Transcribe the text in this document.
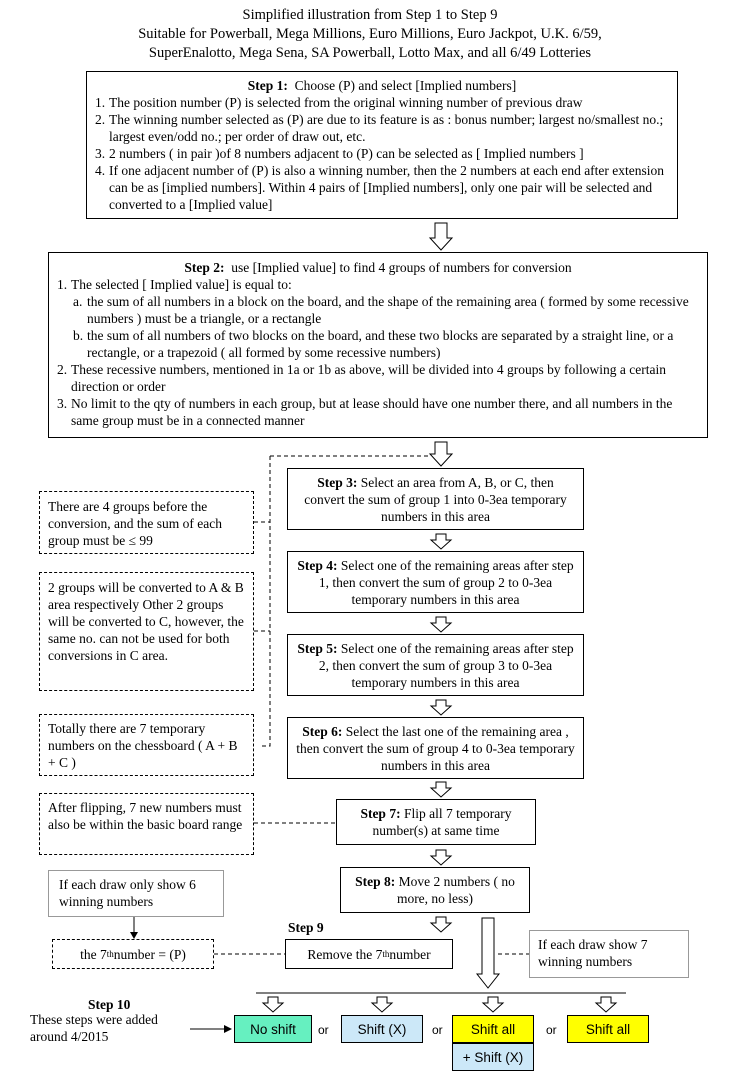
Simplified illustration from Step 1 to Step 9
Suitable for Powerball, Mega Millions, Euro Millions, Euro Jackpot, U.K. 6/59,
SuperEnalotto, Mega Sena, SA Powerball, Lotto Max, and all 6/49 Lotteries
Step 1: Choose (P) and select [Implied numbers]
1. The position number (P) is selected from the original winning number of previous draw
2. The winning number selected as (P) are due to its feature is as : bonus number; largest no/smallest no.; largest even/odd no.; per order of draw out, etc.
3. 2 numbers ( in pair )of 8 numbers adjacent to (P) can be selected as [ Implied numbers ]
4. If one adjacent number of (P) is also a winning number, then the 2 numbers at each end after extension can be as [implied numbers]. Within 4 pairs of [Implied numbers], only one pair will be selected and converted to a [Implied value]
Step 2: use [Implied value] to find 4 groups of numbers for conversion
1. The selected [ Implied value] is equal to:
a. the sum of all numbers in a block on the board, and the shape of the remaining area ( formed by some recessive numbers ) must be a triangle, or a rectangle
b. the sum of all numbers of two blocks on the board, and these two blocks are separated by a straight line, or a rectangle, or a trapezoid ( all formed by some recessive numbers)
2. These recessive numbers, mentioned in 1a or 1b as above, will be divided into 4 groups by following a certain direction or order
3. No limit to the qty of numbers in each group, but at lease should have one number there, and all numbers in the same group must be in a connected manner
Step 3: Select an area from A, B, or C, then convert the sum of group 1 into 0-3ea temporary numbers in this area
Step 4: Select one of the remaining areas after step 1, then convert the sum of group 2 to 0-3ea temporary numbers in this area
Step 5: Select one of the remaining areas after step 2, then convert the sum of group 3 to 0-3ea temporary numbers in this area
Step 6: Select the last one of the remaining area , then convert the sum of group 4 to 0-3ea temporary numbers in this area
Step 7: Flip all 7 temporary number(s) at same time
Step 8: Move 2 numbers ( no more, no less)
Step 9
Remove the 7 th number
There are 4 groups before the conversion, and the sum of each group must be ≤ 99
2 groups will be converted to A & B area respectively Other 2 groups will be converted to C, however, the same no. can not be used for both conversions in C area.
Totally there are 7 temporary numbers on the chessboard ( A + B + C )
After flipping, 7 new numbers must also be within the basic board range
If each draw only show 6 winning numbers
the 7 th number = (P)
If each draw show 7 winning numbers
Step 10
These steps were added around 4/2015	No shift	Shift (X)	Shift all
+ Shift (X)
Shift all
or	or	or
